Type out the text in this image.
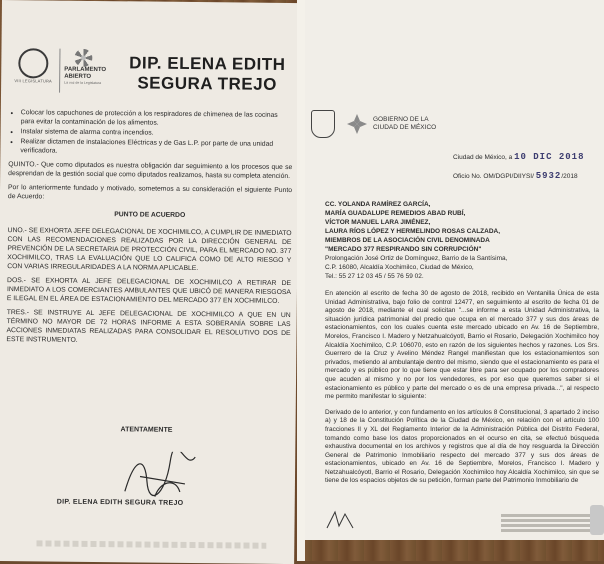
VIII LEGISLATURA
PARLAMENTO ABIERTO
La voz de la Legislatura
DIP. ELENA EDITH
SEGURA TREJO
• Colocar los capuchones de protección a los respiradores de chimenea de las cocinas para evitar la contaminación de los alimentos.
• Instalar sistema de alarma contra incendios.
• Realizar dictamen de instalaciones Eléctricas y de Gas L.P. por parte de una unidad verificadora.

QUINTO.- Que como diputados es nuestra obligación dar seguimiento a los procesos que se desprendan de la gestión social que como diputados realizamos, hasta su completa atención.

Por lo anteriormente fundado y motivado, sometemos a su consideración el siguiente Punto de Acuerdo:

PUNTO DE ACUERDO

UNO.- SE EXHORTA JEFE DELEGACIONAL DE XOCHIMILCO, A CUMPLIR DE INMEDIATO CON LAS RECOMENDACIONES REALIZADAS POR LA DIRECCIÓN GENERAL DE PREVENCIÓN DE LA SECRETARIA DE PROTECCIÓN CIVIL, PARA EL MERCADO NO. 377 XOCHIMILCO, TRAS LA EVALUACIÓN QUE LO CALIFICA COMO DE ALTO RIESGO Y CON VARIAS IRREGULARIDADES A LA NORMA APLICABLE.

DOS.- SE EXHORTA AL JEFE DELEGACIONAL DE XOCHIMILCO A RETIRAR DE INMEDIATO A LOS COMERCIANTES AMBULANTES QUE UBICÓ DE MANERA RIESGOSA E ILEGAL EN EL ÁREA DE ESTACIONAMIENTO DEL MERCADO 377 EN XOCHIMILCO.

TRES.- SE INSTRUYE AL JEFE DELEGACIONAL DE XOCHIMILCO A QUE EN UN TÉRMINO NO MAYOR DE 72 HORAS INFORME A ESTA SOBERANÍA SOBRE LAS ACCIONES INMEDIATAS REALIZADAS PARA CONSOLIDAR EL RESOLUTIVO DOS DE ESTE INSTRUMENTO.

ATENTAMENTE
DIP. ELENA EDITH SEGURA TREJO
GOBIERNO DE LA
CIUDAD DE MÉXICO
Ciudad de México, a 10 DIC 2018
Oficio No. OM/DGPI/DIIYSI/ 5932/2018
CC. YOLANDA RAMÍREZ GARCÍA,
MARÍA GUADALUPE REMEDIOS ABAD RUBÍ,
VÍCTOR MANUEL LARA JIMÉNEZ,
LAURA RÍOS LÓPEZ Y HERMELINDO ROSAS CALZADA,
MIEMBROS DE LA ASOCIACIÓN CIVIL DENOMINADA
"MERCADO 377 RESPIRANDO SIN CORRUPCIÓN"
Prolongación José Ortiz de Domínguez, Barrio de la Santísima,
C.P. 16080, Alcaldía Xochimilco, Ciudad de México,
Tel.: 55 27 12 03 45 / 55 76 59 02.

En atención al escrito de fecha 30 de agosto de 2018, recibido en Ventanilla Única de esta Unidad Administrativa, bajo folio de control 12477, en seguimiento al escrito de fecha 01 de agosto de 2018, mediante el cual solicitan "...se informe a esta Unidad Administrativa, la situación jurídica patrimonial del predio que ocupa en el mercado 377 y sus dos áreas de estacionamientos, con los cuales cuenta este mercado ubicado en Av. 16 de Septiembre, Morelos, Francisco I. Madero y Netzahualcóyotl, Barrio el Rosario, Delegación Xochimilco hoy Alcaldía Xochimilco, C.P. 106070, esto en razón de los siguientes hechos y razones. Los Srs. Guerrero de la Cruz y Avelino Méndez Rangel manifiestan que los estacionamientos son privados, metiendo al ambulantaje dentro del mismo, siendo que el estacionamiento es para el mercado y es público por lo que tiene que estar libre para ser ocupado por los compradores que acuden al mismo y no por los vendedores, es por eso que queremos saber si el estacionamiento es público y parte del mercado o es de una empresa privada...", al respecto me permito manifestar lo siguiente:

Derivado de lo anterior, y con fundamento en los artículos 8 Constitucional, 3 apartado 2 inciso a) y 18 de la Constitución Política de la Ciudad de México, en relación con el artículo 100 fracciones II y XL del Reglamento Interior de la Administración Pública del Distrito Federal, tomando como base los datos proporcionados en el ocurso en cita, se efectuó búsqueda exhaustiva documental en los archivos y registros que al día de hoy resguarda la Dirección General de Patrimonio Inmobiliario respecto del mercado 377 y sus dos áreas de estacionamientos, ubicado en Av. 16 de Septiembre, Morelos, Francisco I. Madero y Netzahualcóyotl, Barrio el Rosario, Delegación Xochimilco hoy Alcaldía Xochimilco, sin que se tiene de los espacios objetos de su petición, forman parte del Patrimonio Inmobiliario de
